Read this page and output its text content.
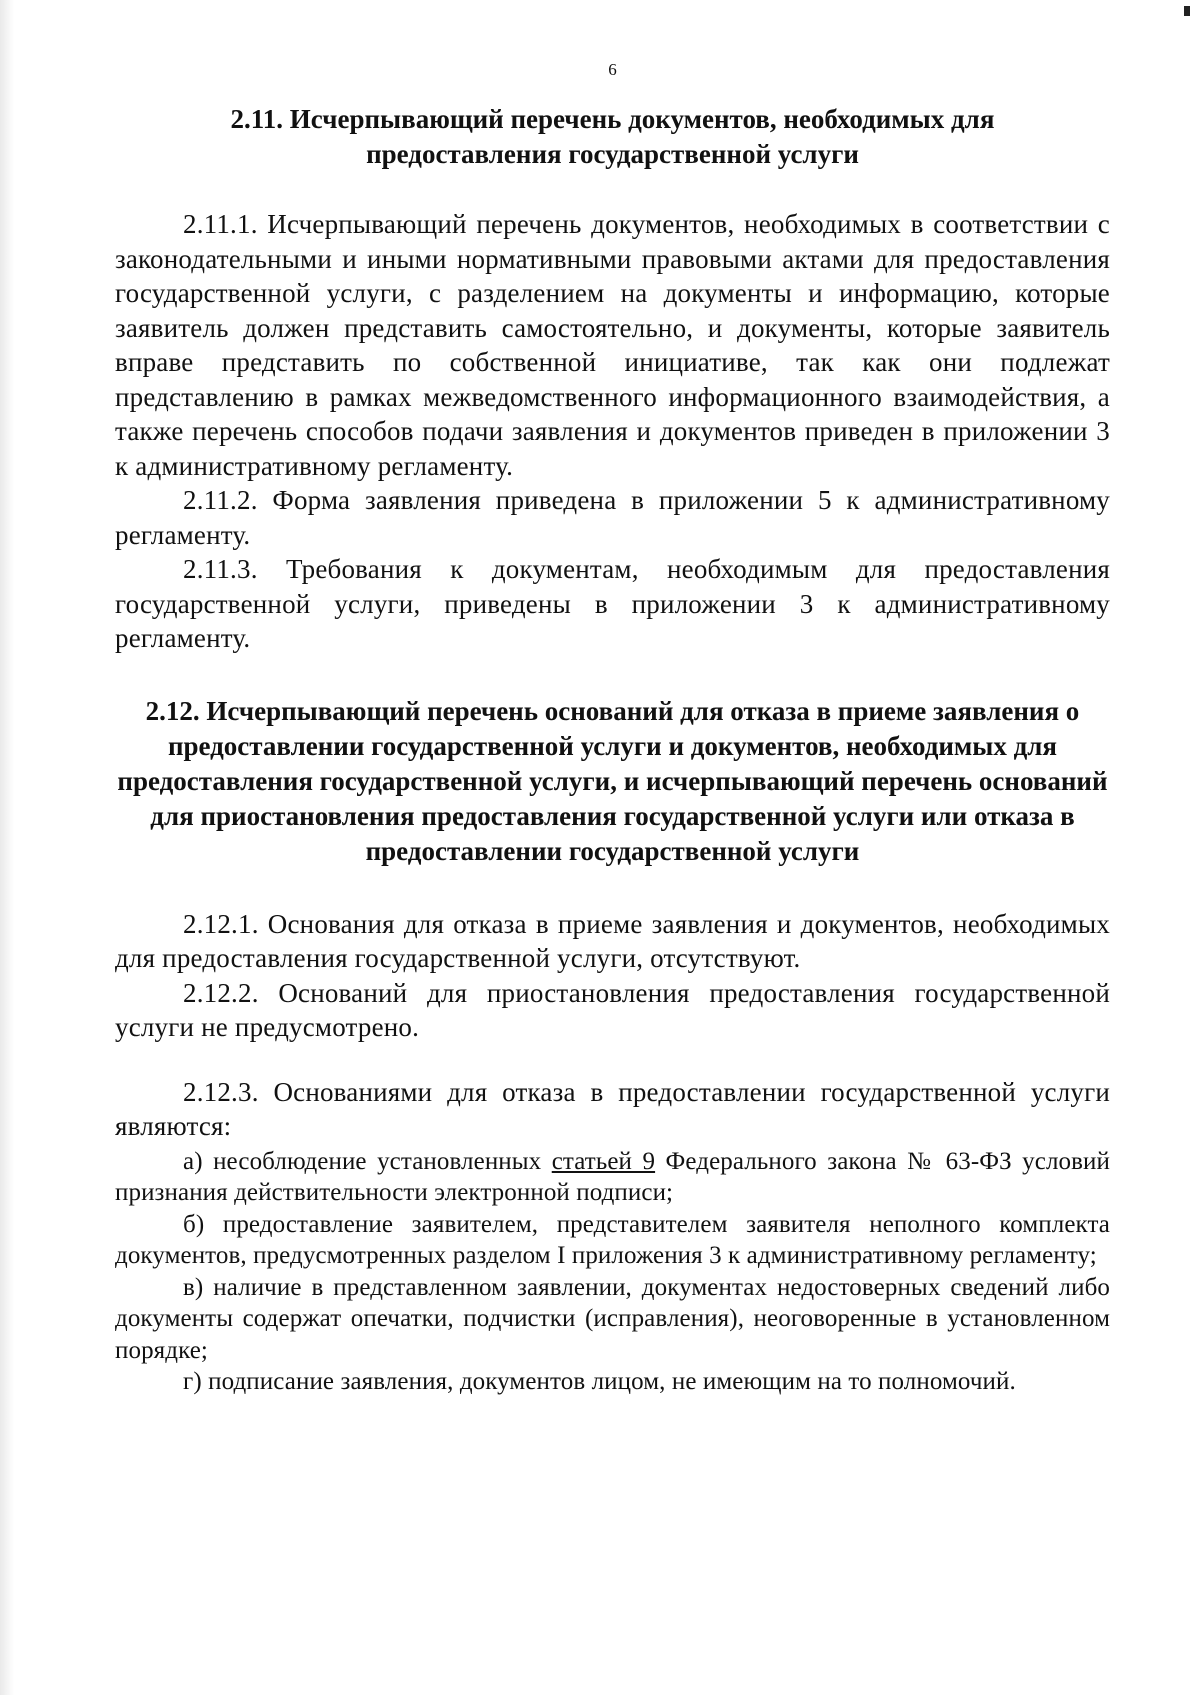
6
2.11. Исчерпывающий перечень документов, необходимых для предоставления государственной услуги

2.11.1. Исчерпывающий перечень документов, необходимых в соответствии с законодательными и иными нормативными правовыми актами для предоставления государственной услуги, с разделением на документы и информацию, которые заявитель должен представить самостоятельно, и документы, которые заявитель вправе представить по собственной инициативе, так как они подлежат представлению в рамках межведомственного информационного взаимодействия, а также перечень способов подачи заявления и документов приведен в приложении 3 к административному регламенту.

2.11.2. Форма заявления приведена в приложении 5 к административному регламенту.

2.11.3. Требования к документам, необходимым для предоставления государственной услуги, приведены в приложении 3 к административному регламенту.

2.12. Исчерпывающий перечень оснований для отказа в приеме заявления о предоставлении государственной услуги и документов, необходимых для предоставления государственной услуги, и исчерпывающий перечень оснований для приостановления предоставления государственной услуги или отказа в предоставлении государственной услуги

2.12.1. Основания для отказа в приеме заявления и документов, необходимых для предоставления государственной услуги, отсутствуют.

2.12.2. Оснований для приостановления предоставления государственной услуги не предусмотрено.

2.12.3. Основаниями для отказа в предоставлении государственной услуги являются:

а) несоблюдение установленных статьей 9 Федерального закона № 63-ФЗ условий признания действительности электронной подписи;

б) предоставление заявителем, представителем заявителя неполного комплекта документов, предусмотренных разделом I приложения 3 к административному регламенту;

в) наличие в представленном заявлении, документах недостоверных сведений либо документы содержат опечатки, подчистки (исправления), неоговоренные в установленном порядке;

г) подписание заявления, документов лицом, не имеющим на то полномочий.
